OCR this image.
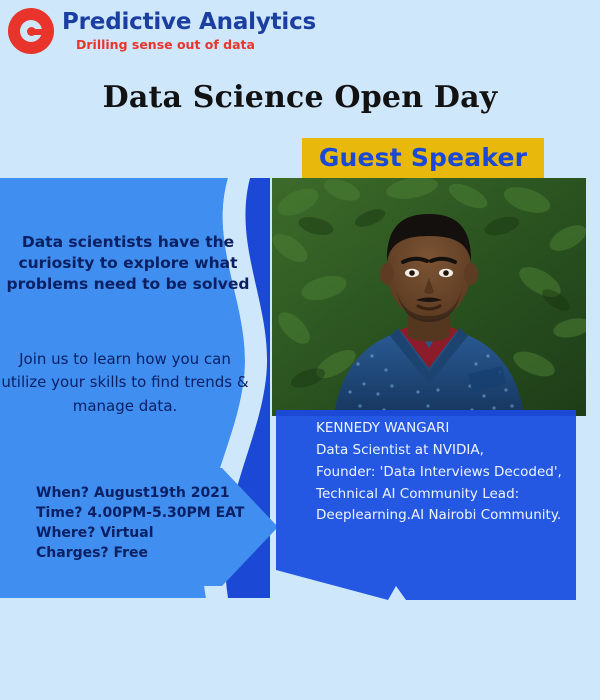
Predictive Analytics
Drilling sense out of data
Data Science Open Day
Guest Speaker
Data scientists have the curiosity to explore what problems need to be solved
Join us to learn how you can utilize your skills to find trends & manage data.
When? August19th 2021
Time? 4.00PM-5.30PM EAT
Where? Virtual
Charges? Free
KENNEDY WANGARI
Data Scientist at NVIDIA,
Founder: 'Data Interviews Decoded',
Technical AI Community Lead:
Deeplearning.AI Nairobi Community.
